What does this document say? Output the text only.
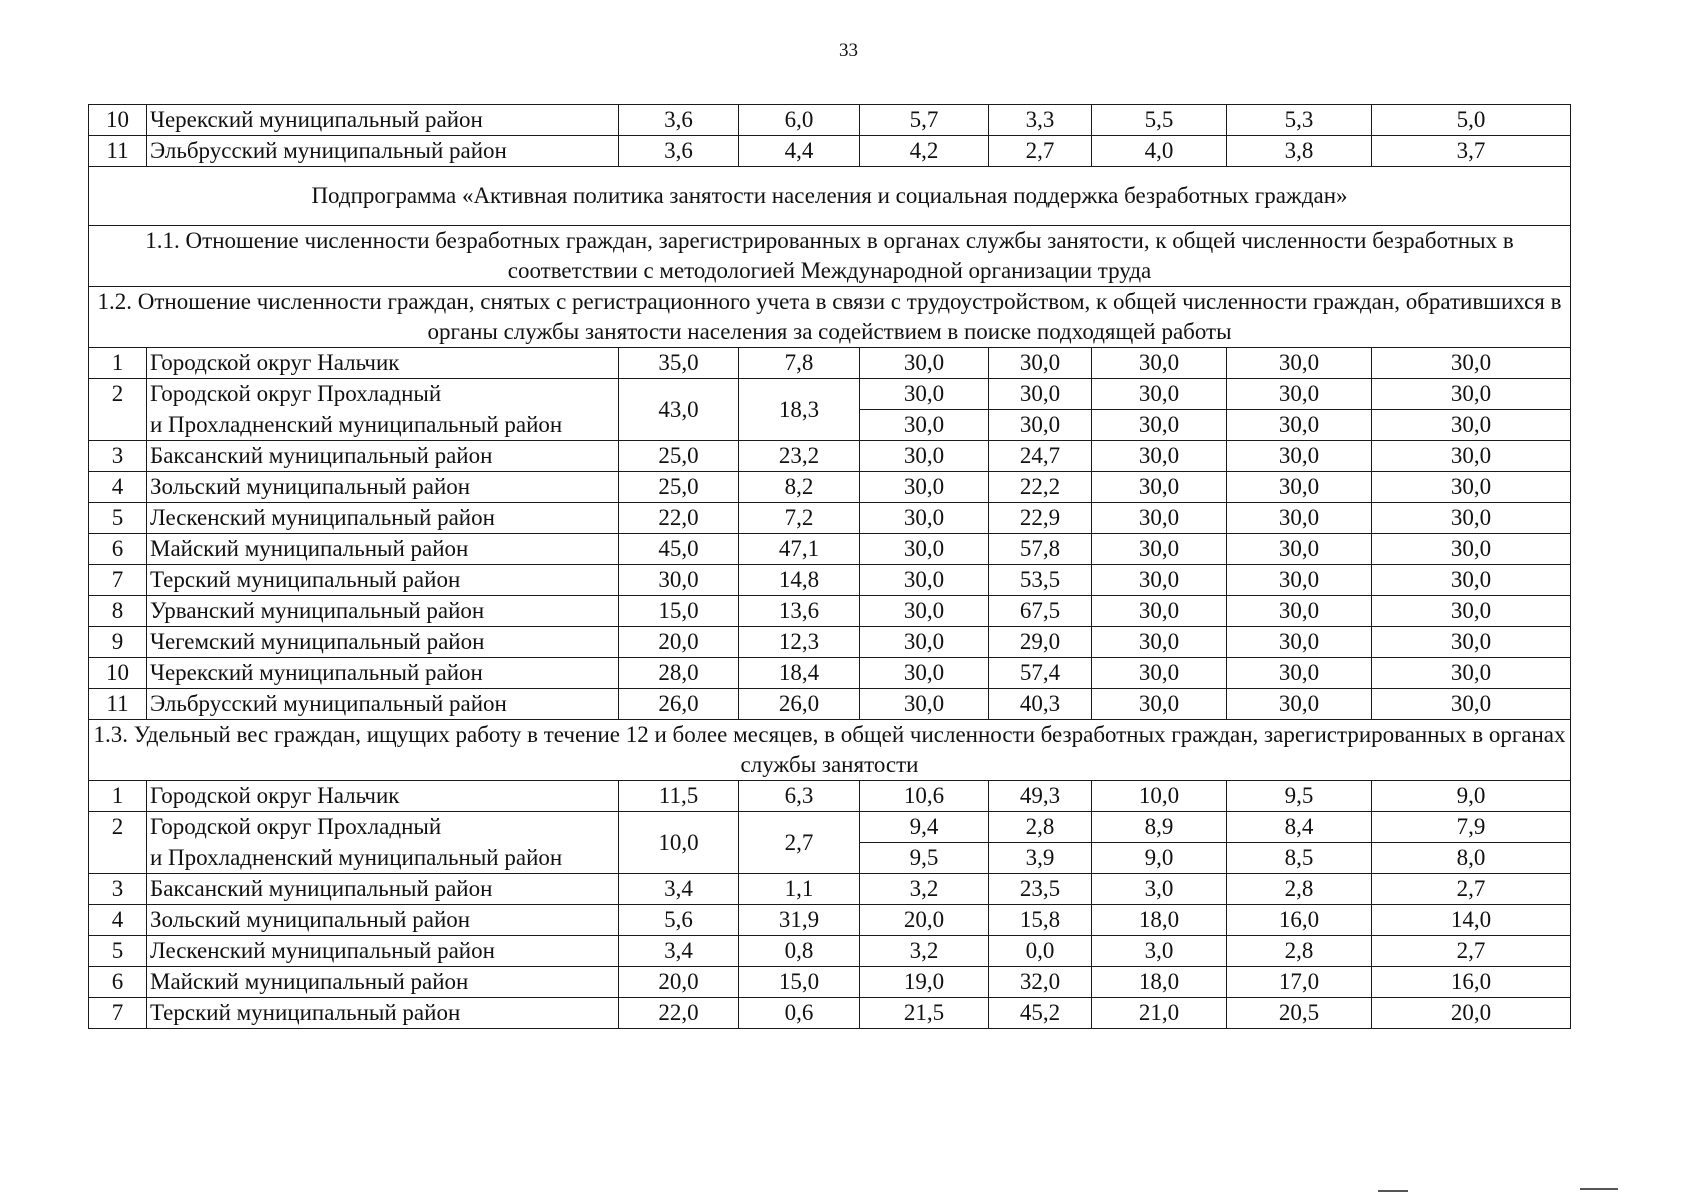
33
10	Черекский муниципальный район	3,6	6,0	5,7	3,3	5,5	5,3	5,0
11	Эльбрусский муниципальный район	3,6	4,4	4,2	2,7	4,0	3,8	3,7
Подпрограмма «Активная политика занятости населения и социальная поддержка безработных граждан»								
1.1. Отношение численности безработных граждан, зарегистрированных в органах службы занятости, к общей численности безработных в соответствии с методологией Международной организации труда								
1.2. Отношение численности граждан, снятых с регистрационного учета в связи с трудоустройством, к общей численности граждан, обратившихся в органы службы занятости населения за содействием в поиске подходящей работы								
1	Городской округ Нальчик	35,0	7,8	30,0	30,0	30,0	30,0	30,0
2	Городской округ Прохладный	43,0	18,3	30,0	30,0	30,0	30,0	30,0
	и Прохладненский муниципальный район			30,0	30,0	30,0	30,0	30,0
3	Баксанский муниципальный район	25,0	23,2	30,0	24,7	30,0	30,0	30,0
4	Зольский муниципальный район	25,0	8,2	30,0	22,2	30,0	30,0	30,0
5	Лескенский муниципальный район	22,0	7,2	30,0	22,9	30,0	30,0	30,0
6	Майский муниципальный район	45,0	47,1	30,0	57,8	30,0	30,0	30,0
7	Терский муниципальный район	30,0	14,8	30,0	53,5	30,0	30,0	30,0
8	Урванский муниципальный район	15,0	13,6	30,0	67,5	30,0	30,0	30,0
9	Чегемский муниципальный район	20,0	12,3	30,0	29,0	30,0	30,0	30,0
10	Черекский муниципальный район	28,0	18,4	30,0	57,4	30,0	30,0	30,0
11	Эльбрусский муниципальный район	26,0	26,0	30,0	40,3	30,0	30,0	30,0
1.3. Удельный вес граждан, ищущих работу в течение 12 и более месяцев, в общей численности безработных граждан, зарегистрированных в органах службы занятости								
1	Городской округ Нальчик	11,5	6,3	10,6	49,3	10,0	9,5	9,0
2	Городской округ Прохладный	10,0	2,7	9,4	2,8	8,9	8,4	7,9
	и Прохладненский муниципальный район			9,5	3,9	9,0	8,5	8,0
3	Баксанский муниципальный район	3,4	1,1	3,2	23,5	3,0	2,8	2,7
4	Зольский муниципальный район	5,6	31,9	20,0	15,8	18,0	16,0	14,0
5	Лескенский муниципальный район	3,4	0,8	3,2	0,0	3,0	2,8	2,7
6	Майский муниципальный район	20,0	15,0	19,0	32,0	18,0	17,0	16,0
7	Терский муниципальный район	22,0	0,6	21,5	45,2	21,0	20,5	20,0
